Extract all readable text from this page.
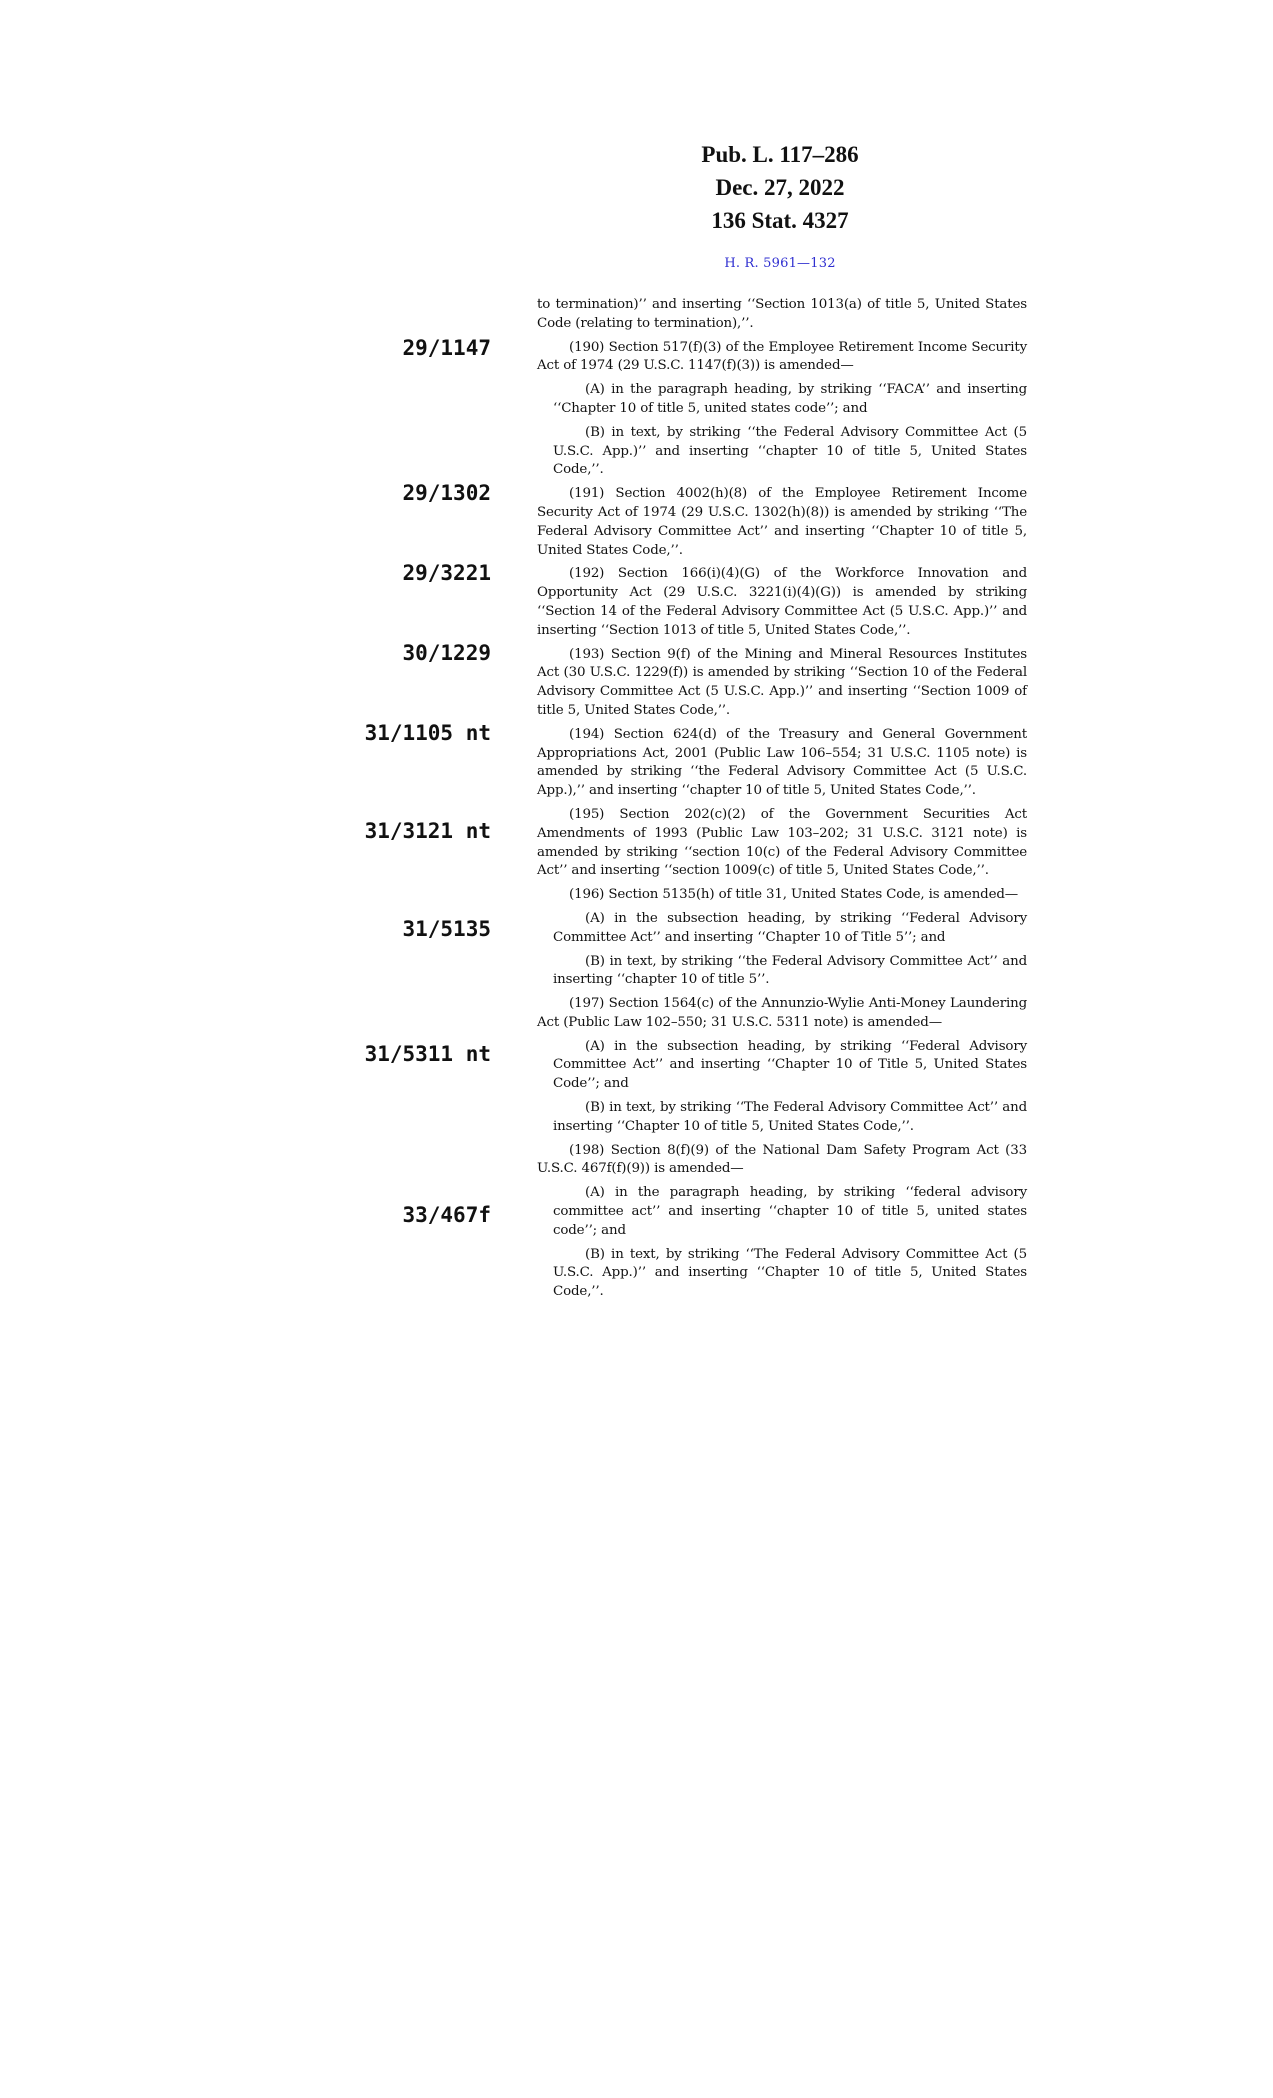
Pub. L. 117–286
Dec. 27, 2022
136 Stat. 4327
H. R. 5961—132
29/1147
29/1302
29/3221
30/1229
31/1105 nt
31/3121 nt
31/5135
31/5311 nt
33/467f

to termination)’’ and inserting ‘‘Section 1013(a) of title 5, United States Code (relating to termination),’’.

(190) Section 517(f)(3) of the Employee Retirement Income Security Act of 1974 (29 U.S.C. 1147(f)(3)) is amended—

(A) in the paragraph heading, by striking ‘‘FACA’’ and inserting ‘‘Chapter 10 of title 5, united states code’’; and

(B) in text, by striking ‘‘the Federal Advisory Committee Act (5 U.S.C. App.)’’ and inserting ‘‘chapter 10 of title 5, United States Code,’’.

(191) Section 4002(h)(8) of the Employee Retirement Income Security Act of 1974 (29 U.S.C. 1302(h)(8)) is amended by striking ‘‘The Federal Advisory Committee Act’’ and inserting ‘‘Chapter 10 of title 5, United States Code,’’.

(192) Section 166(i)(4)(G) of the Workforce Innovation and Opportunity Act (29 U.S.C. 3221(i)(4)(G)) is amended by striking ‘‘Section 14 of the Federal Advisory Committee Act (5 U.S.C. App.)’’ and inserting ‘‘Section 1013 of title 5, United States Code,’’.

(193) Section 9(f) of the Mining and Mineral Resources Institutes Act (30 U.S.C. 1229(f)) is amended by striking ‘‘Section 10 of the Federal Advisory Committee Act (5 U.S.C. App.)’’ and inserting ‘‘Section 1009 of title 5, United States Code,’’.

(194) Section 624(d) of the Treasury and General Government Appropriations Act, 2001 (Public Law 106–554; 31 U.S.C. 1105 note) is amended by striking ‘‘the Federal Advisory Committee Act (5 U.S.C. App.),’’ and inserting ‘‘chapter 10 of title 5, United States Code,’’.

(195) Section 202(c)(2) of the Government Securities Act Amendments of 1993 (Public Law 103–202; 31 U.S.C. 3121 note) is amended by striking ‘‘section 10(c) of the Federal Advisory Committee Act’’ and inserting ‘‘section 1009(c) of title 5, United States Code,’’.

(196) Section 5135(h) of title 31, United States Code, is amended—

(A) in the subsection heading, by striking ‘‘Federal Advisory Committee Act’’ and inserting ‘‘Chapter 10 of Title 5’’; and

(B) in text, by striking ‘‘the Federal Advisory Committee Act’’ and inserting ‘‘chapter 10 of title 5’’.

(197) Section 1564(c) of the Annunzio-Wylie Anti-Money Laundering Act (Public Law 102–550; 31 U.S.C. 5311 note) is amended—

(A) in the subsection heading, by striking ‘‘Federal Advisory Committee Act’’ and inserting ‘‘Chapter 10 of Title 5, United States Code’’; and

(B) in text, by striking ‘‘The Federal Advisory Committee Act’’ and inserting ‘‘Chapter 10 of title 5, United States Code,’’.

(198) Section 8(f)(9) of the National Dam Safety Program Act (33 U.S.C. 467f(f)(9)) is amended—

(A) in the paragraph heading, by striking ‘‘federal advisory committee act’’ and inserting ‘‘chapter 10 of title 5, united states code’’; and

(B) in text, by striking ‘‘The Federal Advisory Committee Act (5 U.S.C. App.)’’ and inserting ‘‘Chapter 10 of title 5, United States Code,’’.
